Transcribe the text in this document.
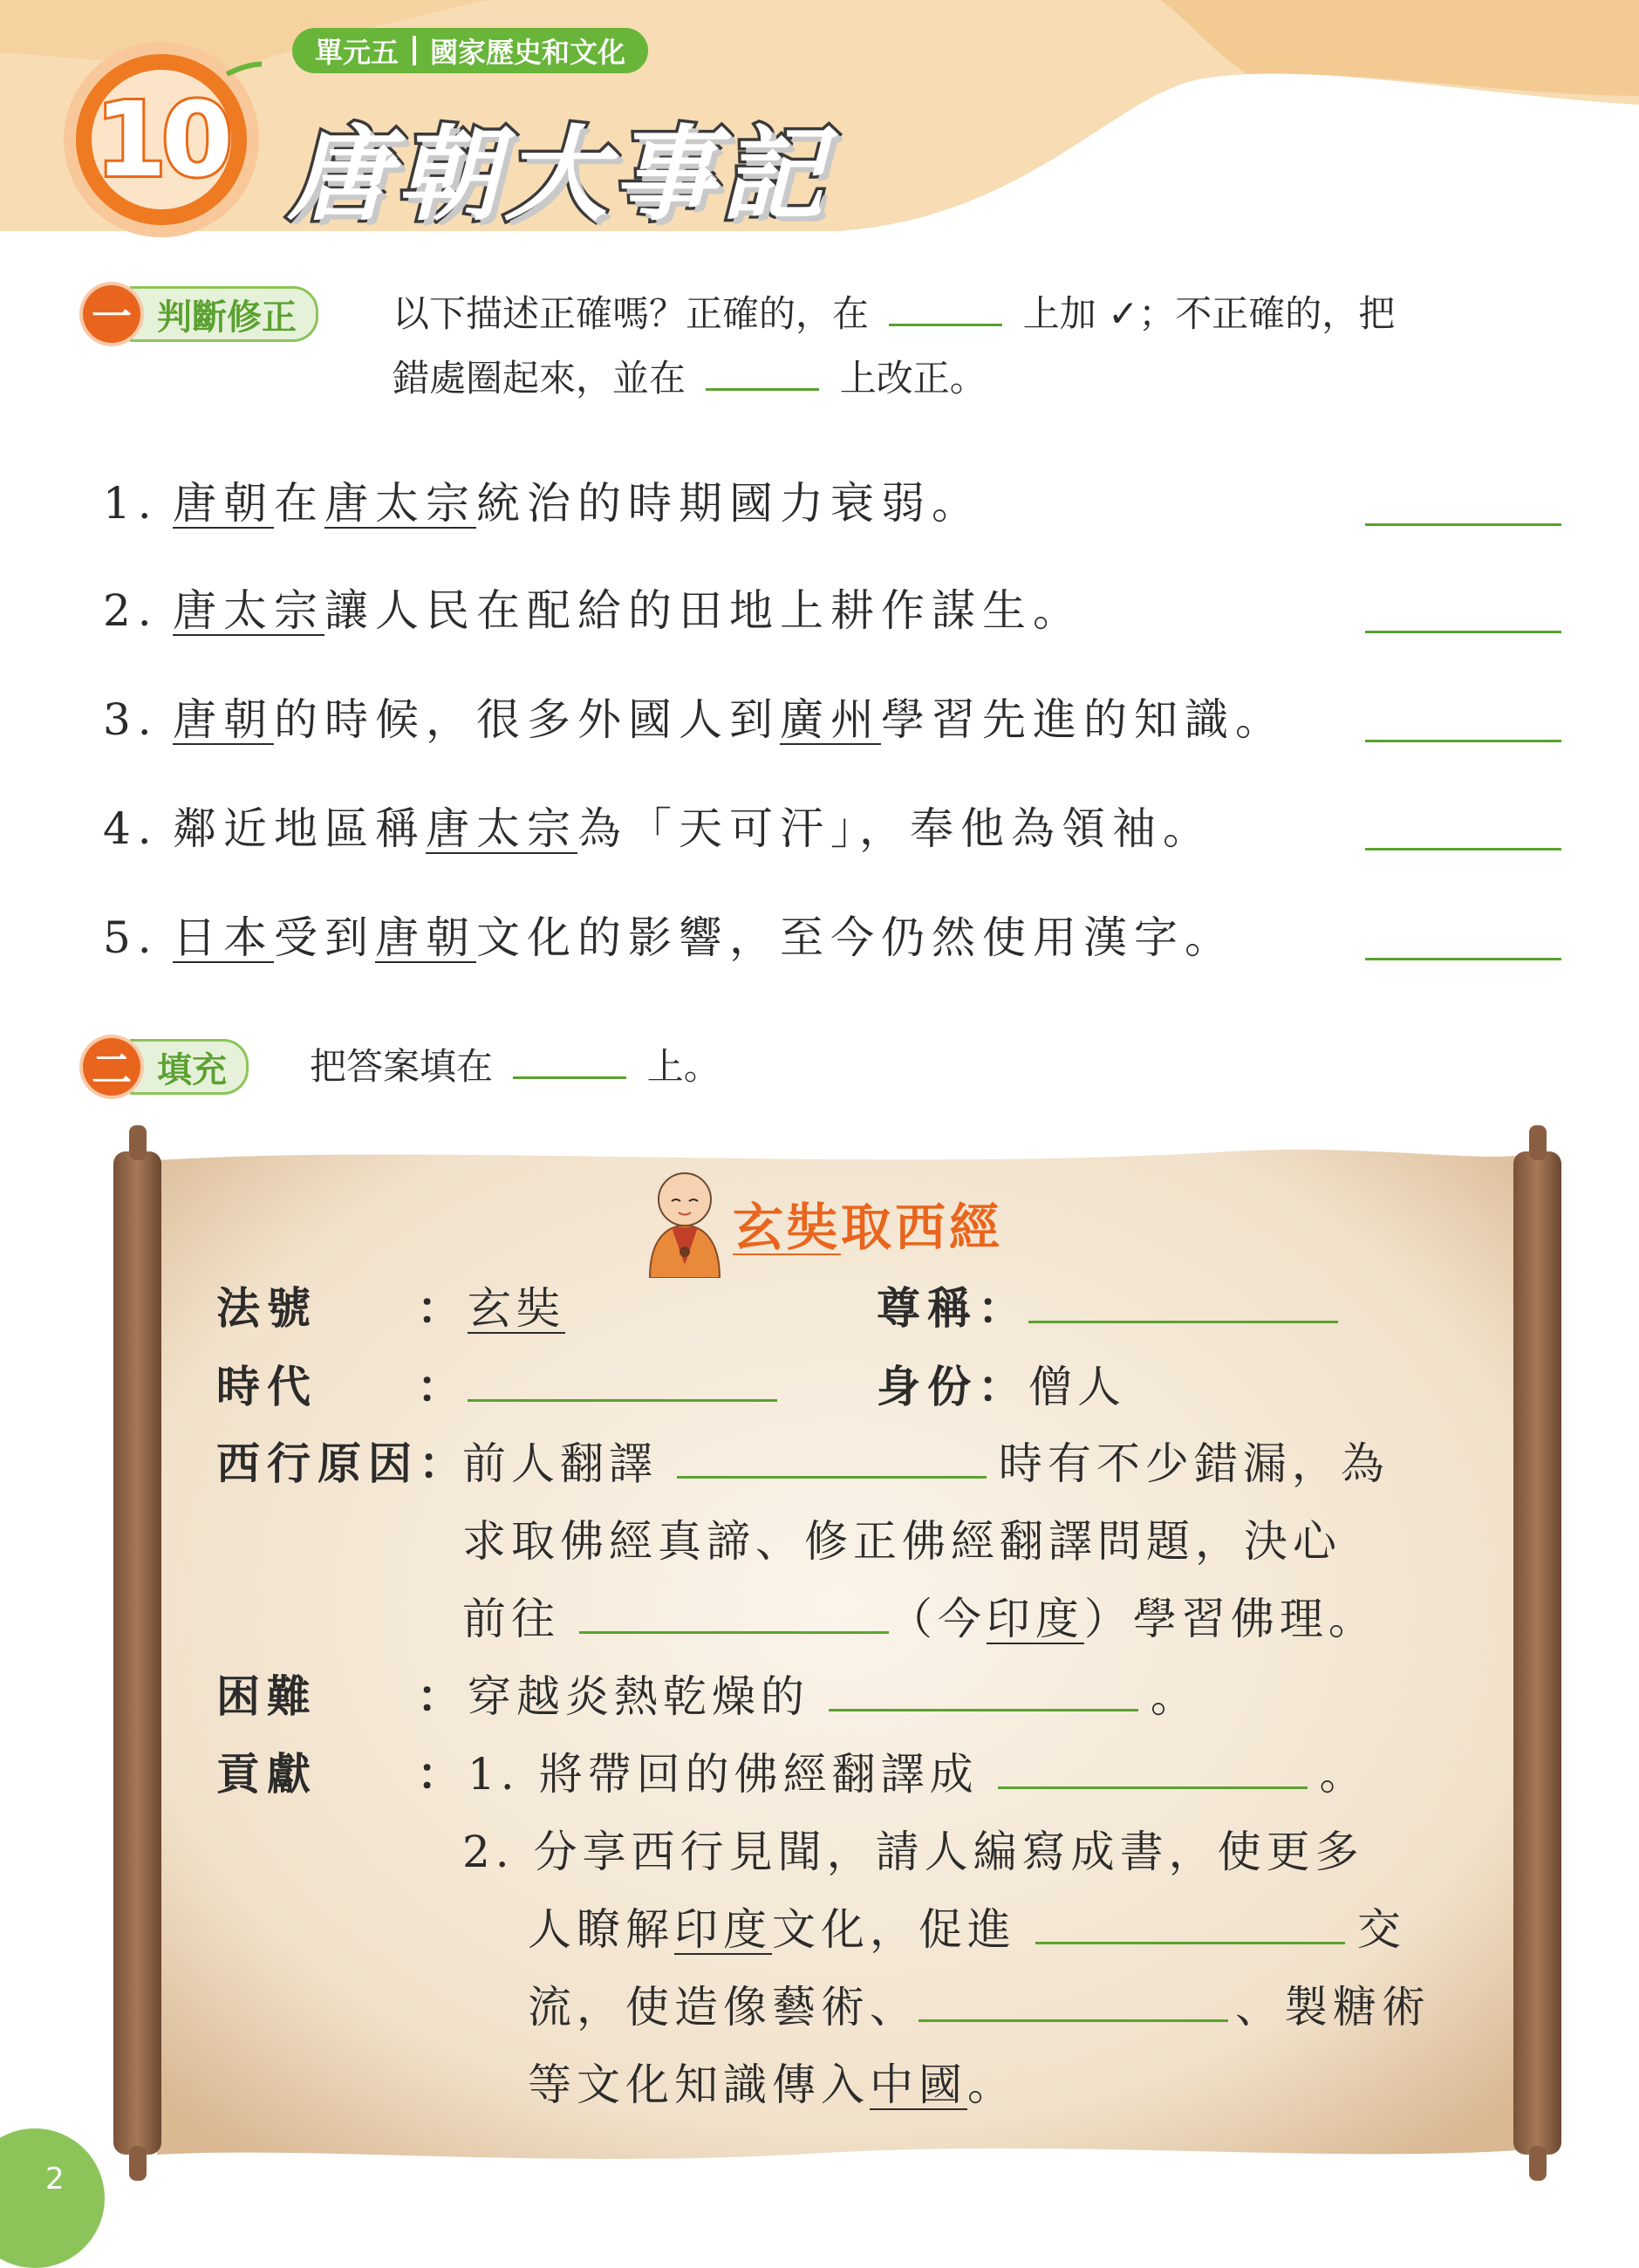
單元五 國家歷史和文化
10 唐朝大事記
一 判斷修正	以下描述正確嗎？正確的，在	上加 ✓；不正確的，把
錯處圈起來，並在	上改正。
1. 唐朝在唐太宗統治的時期國力衰弱。
2. 唐太宗讓人民在配給的田地上耕作謀生。
3. 唐朝的時候，很多外國人到廣州學習先進的知識。
4. 鄰近地區稱唐太宗為「天可汗」，奉他為領袖。
5. 日本受到唐朝文化的影響，至今仍然使用漢字。
二 填充	把答案填在	上。
玄奘取西經
法號 ：玄奘	尊稱：
時代 ：	身份：僧人
西行原因：前人翻譯	時有不少錯漏，為
求取佛經真諦、修正佛經翻譯問題，決心
前往	（今印度）學習佛理。
困難 ：穿越炎熱乾燥的	。
貢獻 ：1. 將帶回的佛經翻譯成	。
2. 分享西行見聞，請人編寫成書，使更多
人瞭解印度文化，促進	交
流，使造像藝術、	、製糖術
等文化知識傳入中國。
2
